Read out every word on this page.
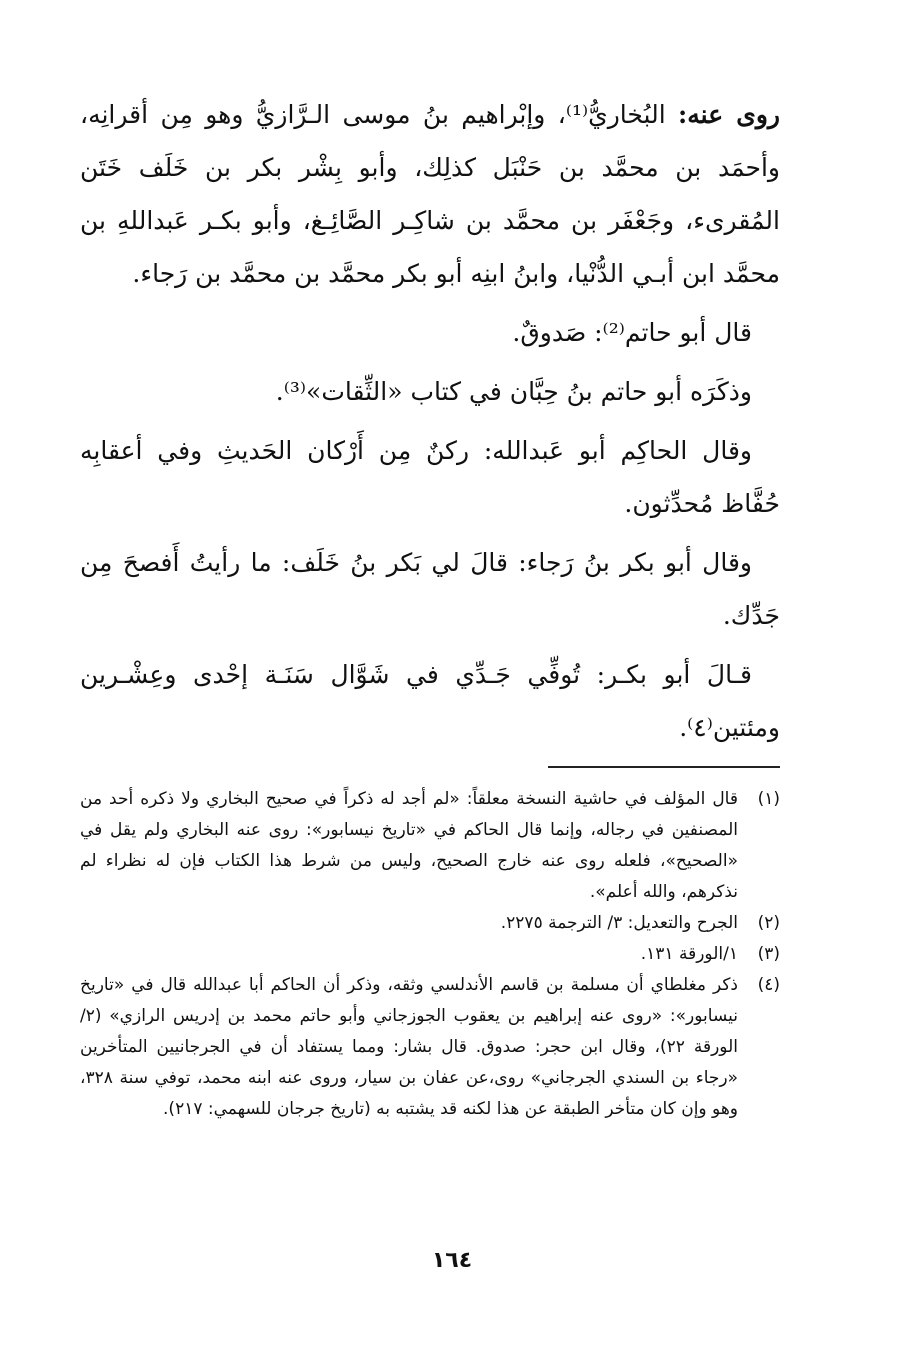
روى عنه: البُخاريُّ⁽¹⁾، وإبْراهيم بنُ موسى الـرَّازيُّ وهو مِن أقرانِه، وأحمَد بن محمَّد بن حَنْبَل كذلِك، وأبو بِشْر بكر بن خَلَف خَتَن المُقرىء، وجَعْفَر بن محمَّد بن شاكِـر الصَّائِـغ، وأبو بكـر عَبداللهِ بن محمَّد ابن أبـي الدُّنْيا، وابنُ ابنِه أبو بكر محمَّد بن محمَّد بن رَجاء.

قال أبو حاتم⁽²⁾: صَدوقٌ.

وذكَرَه أبو حاتم بنُ حِبَّان في كتاب «الثِّقات»⁽³⁾.

وقال الحاكِم أبو عَبدالله: ركنٌ مِن أَرْكان الحَديثِ وفي أعقابِه حُفَّاظ مُحدِّثون.

وقال أبو بكر بنُ رَجاء: قالَ لي بَكر بنُ خَلَف: ما رأيتُ أَفصحَ مِن جَدِّك.

قـالَ أبو بكـر: تُوفِّي جَـدِّي في شَوَّال سَنَـة إحْدى وعِشْـرين ومئتين⁽٤⁾.

(١)
قال المؤلف في حاشية النسخة معلقاً: «لم أجد له ذكراً في صحيح البخاري ولا ذكره أحد من المصنفين في رجاله، وإنما قال الحاكم في «تاريخ نيسابور»: روى عنه البخاري ولم يقل في «الصحيح»، فلعله روى عنه خارج الصحيح، وليس من شرط هذا الكتاب فإن له نظراء لم نذكرهم، والله أعلم».
(٢)
الجرح والتعديل: ٣/ الترجمة ٢٢٧٥.
(٣)
١/الورقة ١٣١.
(٤)
ذكر مغلطاي أن مسلمة بن قاسم الأندلسي وثقه، وذكر أن الحاكم أبا عبدالله قال في «تاريخ نيسابور»: «روى عنه إبراهيم بن يعقوب الجوزجاني وأبو حاتم محمد بن إدريس الرازي» (٢/ الورقة ٢٢)، وقال ابن حجر: صدوق. قال بشار: ومما يستفاد أن في الجرجانيين المتأخرين «رجاء بن السندي الجرجاني» روى،عن عفان بن سيار، وروى عنه ابنه محمد، توفي سنة ٣٢٨، وهو وإن كان متأخر الطبقة عن هذا لكنه قد يشتبه به (تاريخ جرجان للسهمي: ٢١٧).
١٦٤
